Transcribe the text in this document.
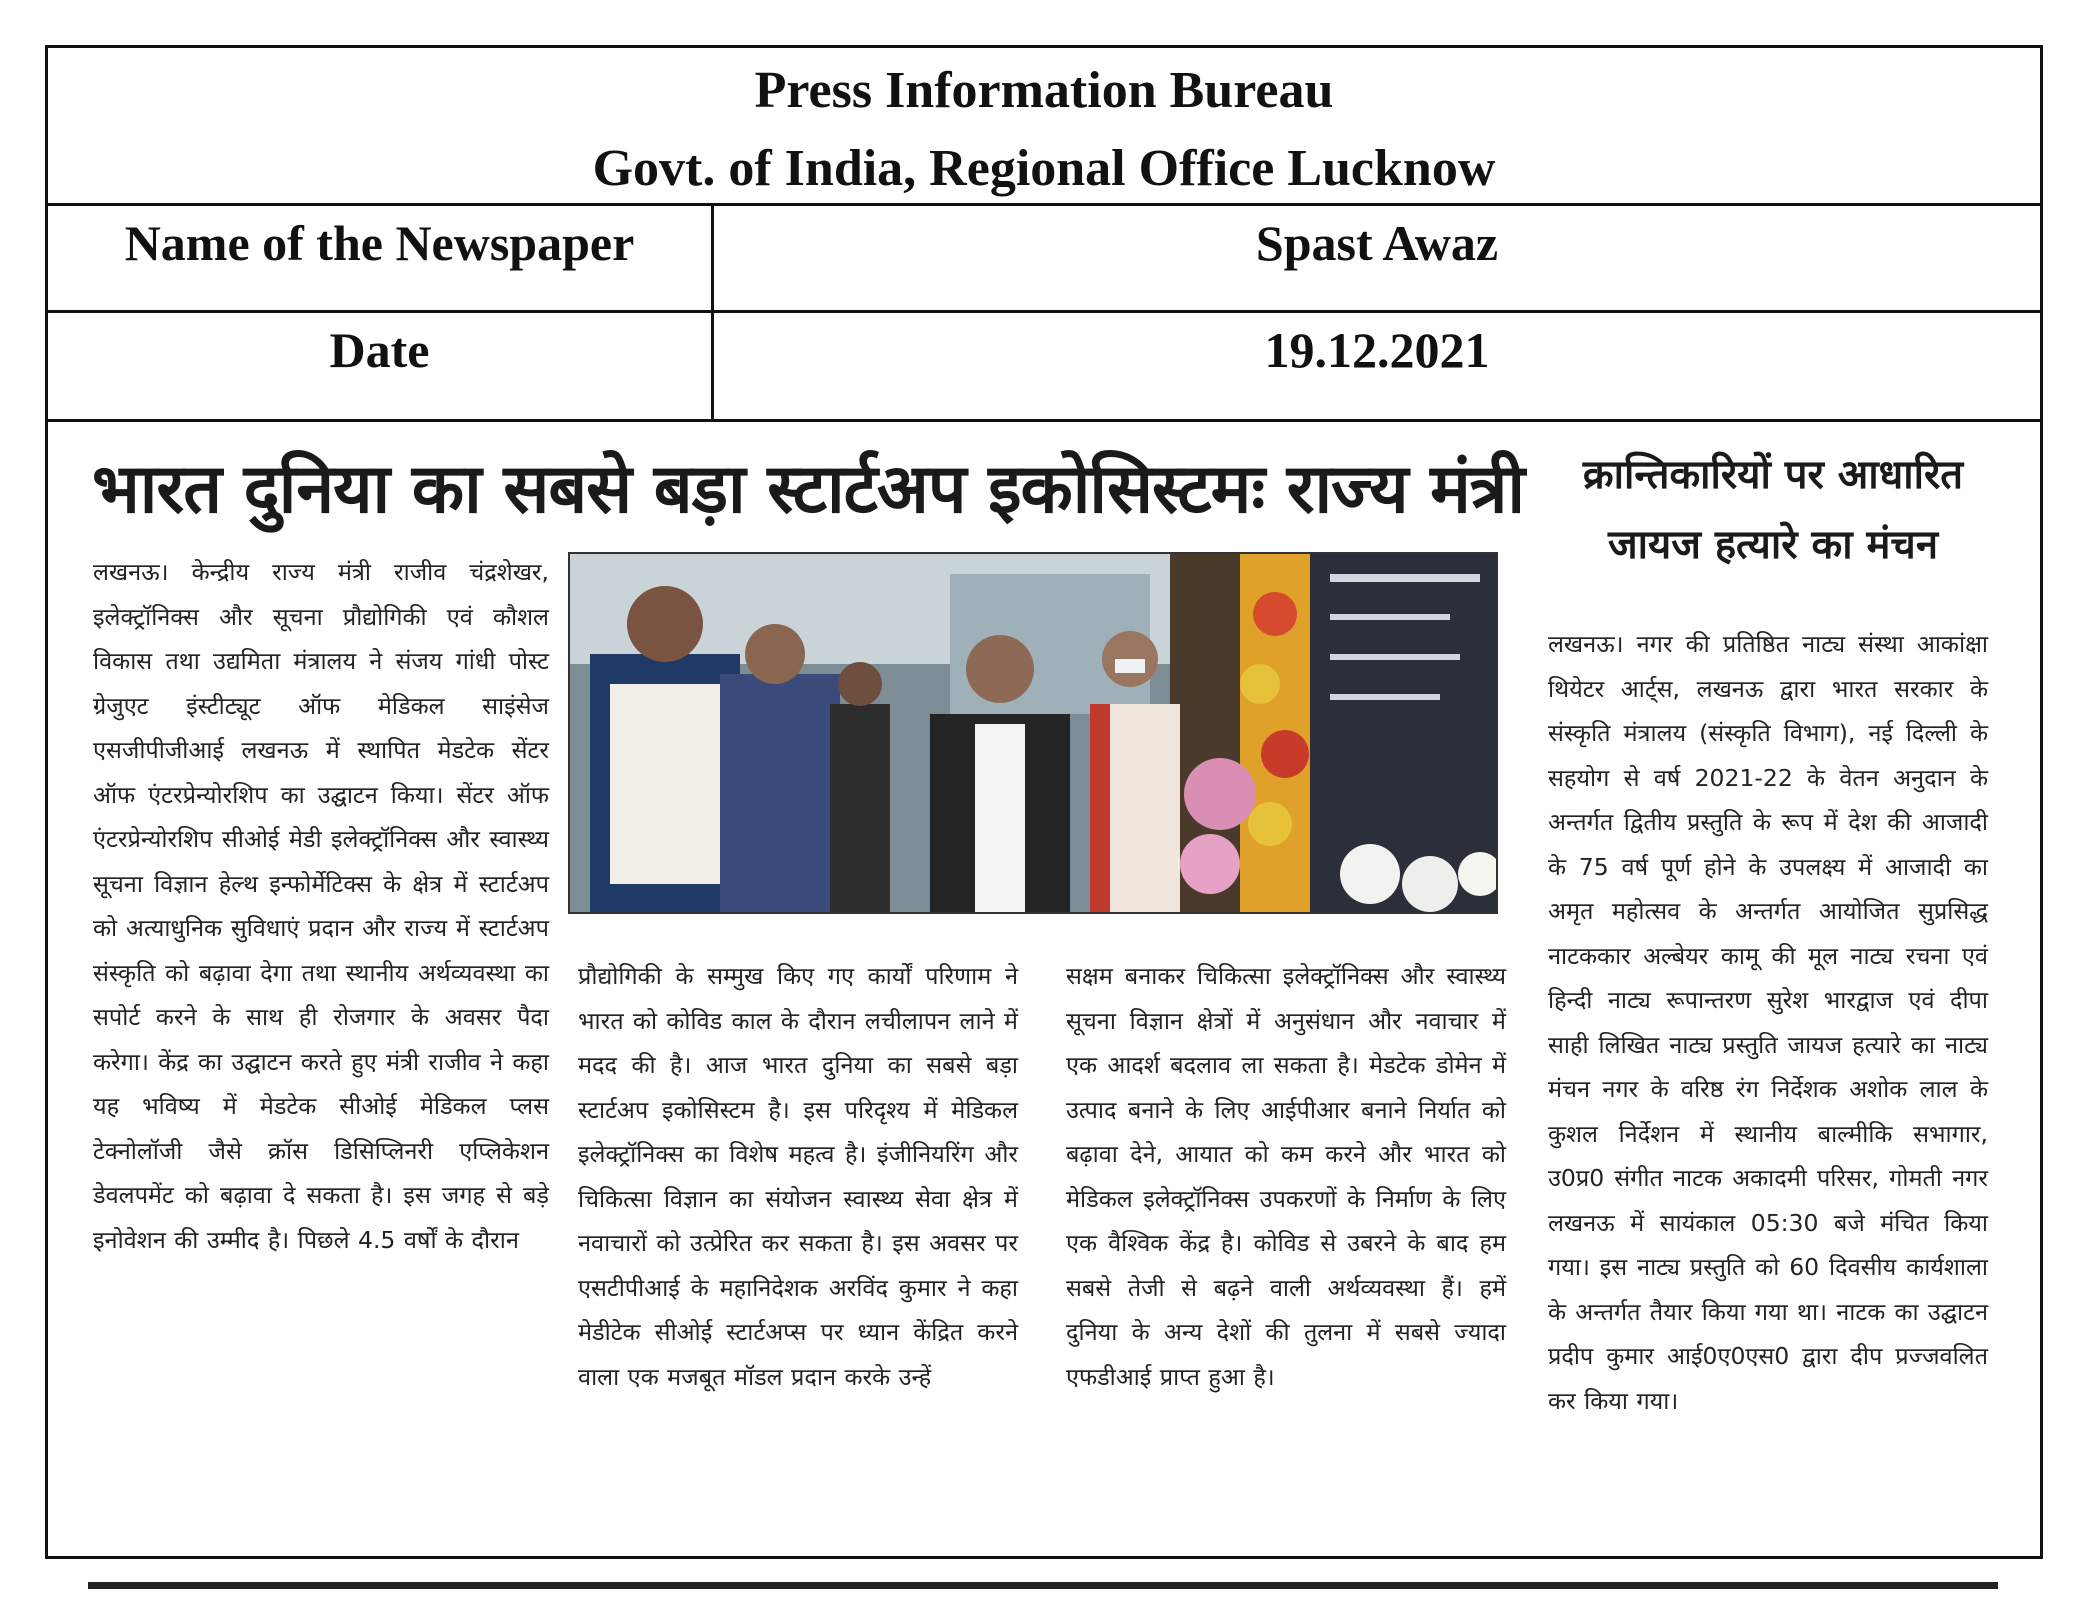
Press Information Bureau
Govt. of India, Regional Office Lucknow
Name of the Newspaper	Spast Awaz
Date	19.12.2021
भारत दुनिया का सबसे बड़ा स्टार्टअप इकोसिस्टमः राज्य मंत्री	क्रान्तिकारियों पर आधारित
जायज हत्यारे का मंचन
लखनऊ। केन्द्रीय राज्य मंत्री राजीव चंद्रशेखर, इलेक्ट्रॉनिक्स और सूचना प्रौद्योगिकी एवं कौशल विकास तथा उद्यमिता मंत्रालय ने संजय गांधी पोस्ट ग्रेजुएट इंस्टीट्यूट ऑफ मेडिकल साइंसेज एसजीपीजीआई लखनऊ में स्थापित मेडटेक सेंटर ऑफ एंटरप्रेन्योरशिप का उद्घाटन किया। सेंटर ऑफ एंटरप्रेन्योरशिप सीओई मेडी इलेक्ट्रॉनिक्स और स्वास्थ्य सूचना विज्ञान हेल्थ इन्फोर्मेटिक्स के क्षेत्र में स्टार्टअप को अत्याधुनिक सुविधाएं प्रदान और राज्य में स्टार्टअप संस्कृति को बढ़ावा देगा तथा स्थानीय अर्थव्यवस्था का सपोर्ट करने के साथ ही रोजगार के अवसर पैदा करेगा। केंद्र का उद्घाटन करते हुए मंत्री राजीव ने कहा यह भविष्य में मेडटेक सीओई मेडिकल प्लस टेक्नोलॉजी जैसे क्रॉस डिसिप्लिनरी एप्लिकेशन डेवलपमेंट को बढ़ावा दे सकता है। इस जगह से बड़े इनोवेशन की उम्मीद है। पिछले 4.5 वर्षों के दौरान
प्रौद्योगिकी के सम्मुख किए गए कार्यों परिणाम ने भारत को कोविड काल के दौरान लचीलापन लाने में मदद की है। आज भारत दुनिया का सबसे बड़ा स्टार्टअप इकोसिस्टम है। इस परिदृश्य में मेडिकल इलेक्ट्रॉनिक्स का विशेष महत्व है। इंजीनियरिंग और चिकित्सा विज्ञान का संयोजन स्वास्थ्य सेवा क्षेत्र में नवाचारों को उत्प्रेरित कर सकता है। इस अवसर पर एसटीपीआई के महानिदेशक अरविंद कुमार ने कहा मेडीटेक सीओई स्टार्टअप्स पर ध्यान केंद्रित करने वाला एक मजबूत मॉडल प्रदान करके उन्हें
सक्षम बनाकर चिकित्सा इलेक्ट्रॉनिक्स और स्वास्थ्य सूचना विज्ञान क्षेत्रों में अनुसंधान और नवाचार में एक आदर्श बदलाव ला सकता है। मेडटेक डोमेन में उत्पाद बनाने के लिए आईपीआर बनाने निर्यात को बढ़ावा देने, आयात को कम करने और भारत को मेडिकल इलेक्ट्रॉनिक्स उपकरणों के निर्माण के लिए एक वैश्विक केंद्र है। कोविड से उबरने के बाद हम सबसे तेजी से बढ़ने वाली अर्थव्यवस्था हैं। हमें दुनिया के अन्य देशों की तुलना में सबसे ज्यादा एफडीआई प्राप्त हुआ है।
लखनऊ। नगर की प्रतिष्ठित नाट्य संस्था आकांक्षा थियेटर आर्ट्स, लखनऊ द्वारा भारत सरकार के संस्कृति मंत्रालय (संस्कृति विभाग), नई दिल्ली के सहयोग से वर्ष 2021-22 के वेतन अनुदान के अन्तर्गत द्वितीय प्रस्तुति के रूप में देश की आजादी के 75 वर्ष पूर्ण होने के उपलक्ष्य में आजादी का अमृत महोत्सव के अन्तर्गत आयोजित सुप्रसिद्ध नाटककार अल्बेयर कामू की मूल नाट्य रचना एवं हिन्दी नाट्य रूपान्तरण सुरेश भारद्वाज एवं दीपा साही लिखित नाट्य प्रस्तुति जायज हत्यारे का नाट्य मंचन नगर के वरिष्ठ रंग निर्देशक अशोक लाल के कुशल निर्देशन में स्थानीय बाल्मीकि सभागार, उ0प्र0 संगीत नाटक अकादमी परिसर, गोमती नगर लखनऊ में सायंकाल 05:30 बजे मंचित किया गया। इस नाट्य प्रस्तुति को 60 दिवसीय कार्यशाला के अन्तर्गत तैयार किया गया था। नाटक का उद्घाटन प्रदीप कुमार आई0ए0एस0 द्वारा दीप प्रज्जवलित कर किया गया।
